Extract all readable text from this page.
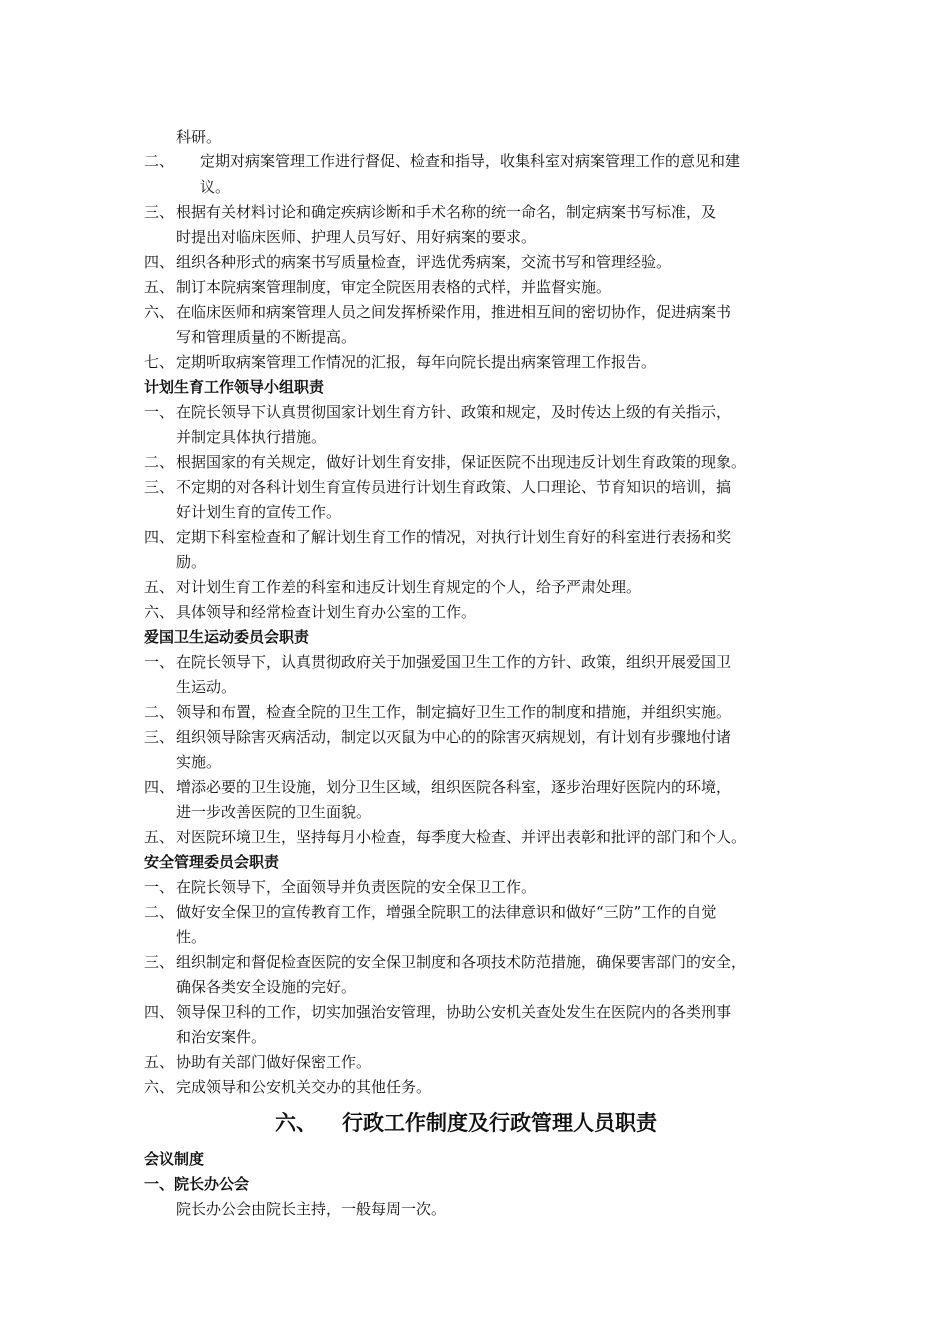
科研。
二、 定期对病案管理工作进行督促、检查和指导，收集科室对病案管理工作的意见和建
议。
三、 根据有关材料讨论和确定疾病诊断和手术名称的统一命名，制定病案书写标准，及
时提出对临床医师、护理人员写好、用好病案的要求。
四、 组织各种形式的病案书写质量检查，评选优秀病案，交流书写和管理经验。
五、 制订本院病案管理制度，审定全院医用表格的式样，并监督实施。
六、 在临床医师和病案管理人员之间发挥桥梁作用，推进相互间的密切协作，促进病案书
写和管理质量的不断提高。
七、 定期听取病案管理工作情况的汇报，每年向院长提出病案管理工作报告。
计划生育工作领导小组职责
一、 在院长领导下认真贯彻国家计划生育方针、政策和规定，及时传达上级的有关指示，
并制定具体执行措施。
二、 根据国家的有关规定，做好计划生育安排，保证医院不出现违反计划生育政策的现象。
三、 不定期的对各科计划生育宣传员进行计划生育政策、人口理论、节育知识的培训，搞
好计划生育的宣传工作。
四、 定期下科室检查和了解计划生育工作的情况，对执行计划生育好的科室进行表扬和奖
励。
五、 对计划生育工作差的科室和违反计划生育规定的个人，给予严肃处理。
六、 具体领导和经常检查计划生育办公室的工作。
爱国卫生运动委员会职责
一、 在院长领导下，认真贯彻政府关于加强爱国卫生工作的方针、政策，组织开展爱国卫
生运动。
二、 领导和布置，检查全院的卫生工作，制定搞好卫生工作的制度和措施，并组织实施。
三、 组织领导除害灭病活动，制定以灭鼠为中心的的除害灭病规划，有计划有步骤地付诸
实施。
四、 增添必要的卫生设施，划分卫生区域，组织医院各科室，逐步治理好医院内的环境，
进一步改善医院的卫生面貌。
五、 对医院环境卫生，坚持每月小检查，每季度大检查、并评出表彰和批评的部门和个人。
安全管理委员会职责
一、 在院长领导下，全面领导并负责医院的安全保卫工作。
二、 做好安全保卫的宣传教育工作，增强全院职工的法律意识和做好“三防”工作的自觉
性。
三、 组织制定和督促检查医院的安全保卫制度和各项技术防范措施，确保要害部门的安全，
确保各类安全设施的完好。
四、 领导保卫科的工作，切实加强治安管理，协助公安机关查处发生在医院内的各类刑事
和治安案件。
五、 协助有关部门做好保密工作。
六、 完成领导和公安机关交办的其他任务。
六、 行政工作制度及行政管理人员职责
会议制度
一、院长办公会
院长办公会由院长主持，一般每周一次。
